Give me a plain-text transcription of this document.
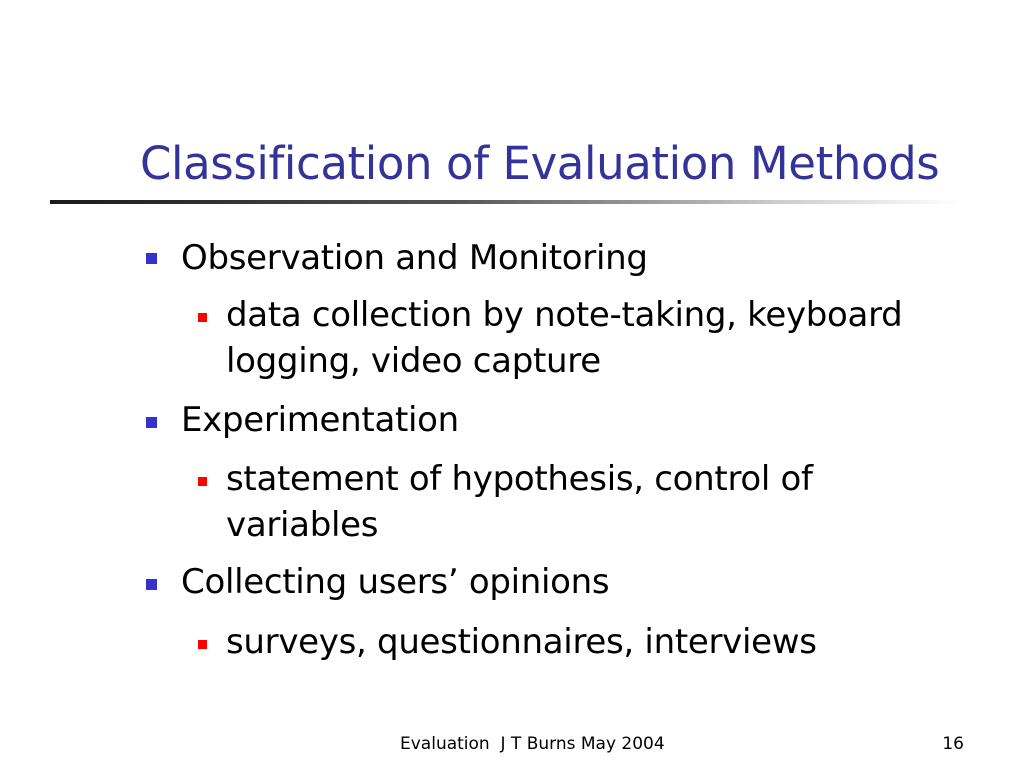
Classification of Evaluation Methods
Observation and Monitoring
data collection by note-taking, keyboard logging, video capture
Experimentation
statement of hypothesis, control of variables
Collecting users’ opinions
surveys, questionnaires, interviews
Evaluation  J T Burns May 2004	16
